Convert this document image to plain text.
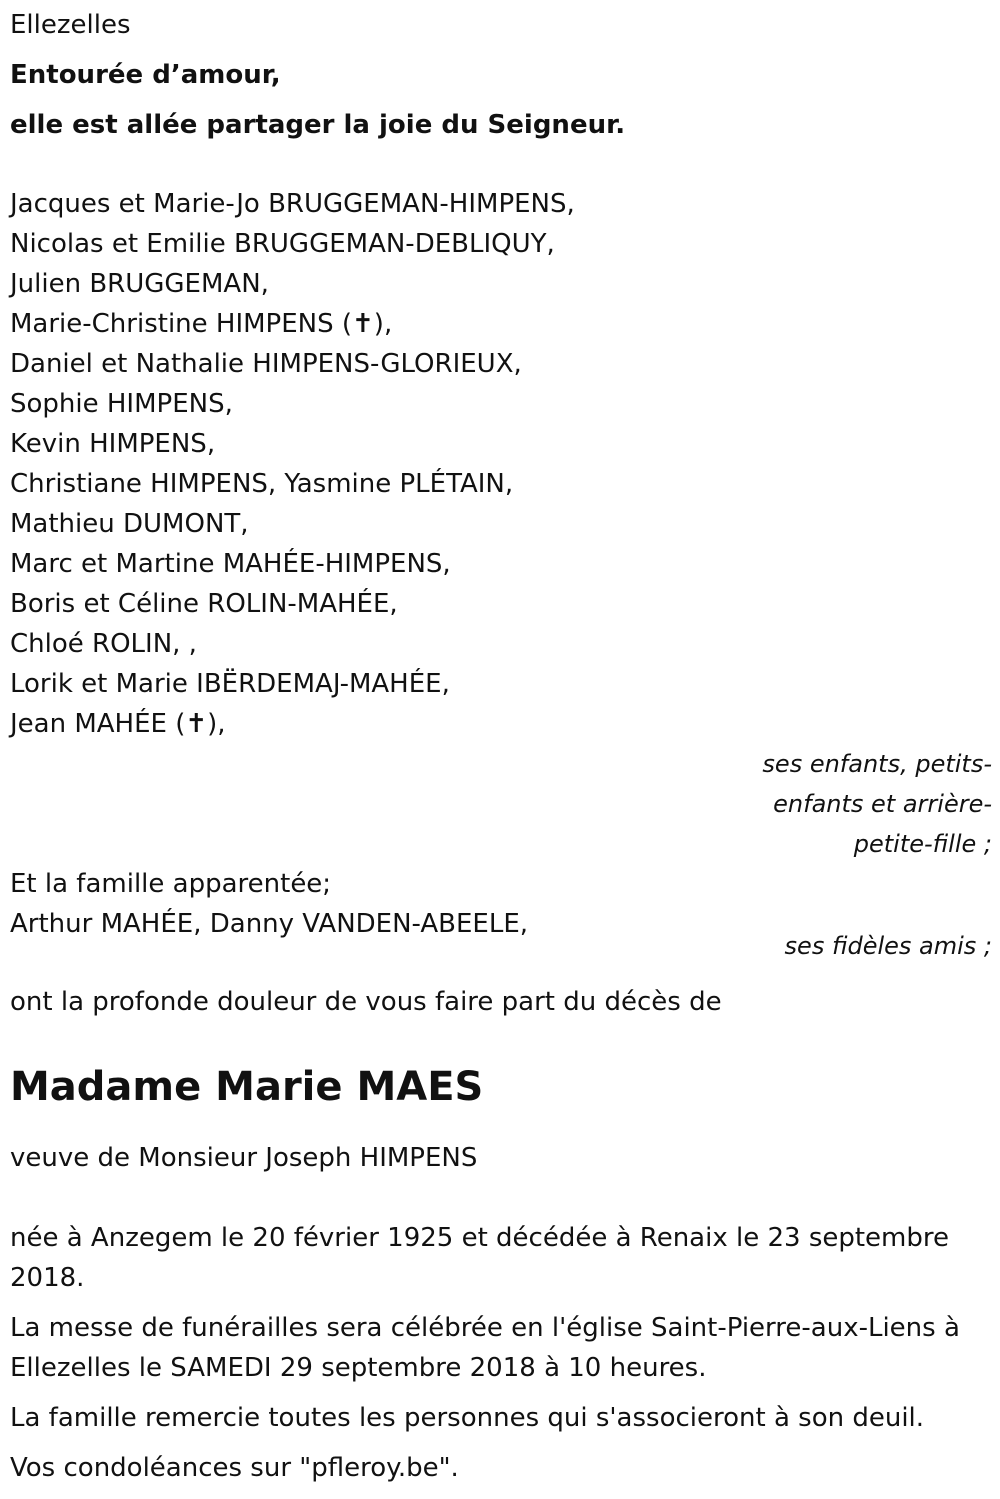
Ellezelles
Entourée d’amour,
elle est allée partager la joie du Seigneur.
Jacques et Marie-Jo BRUGGEMAN-HIMPENS,
Nicolas et Emilie BRUGGEMAN-DEBLIQUY,
Julien BRUGGEMAN,
Marie-Christine HIMPENS (✝),
Daniel et Nathalie HIMPENS-GLORIEUX,
Sophie HIMPENS,
Kevin HIMPENS,
Christiane HIMPENS, Yasmine PLÉTAIN,
Mathieu DUMONT,
Marc et Martine MAHÉE-HIMPENS,
Boris et Céline ROLIN-MAHÉE,
Chloé ROLIN, ,
Lorik et Marie IBËRDEMAJ-MAHÉE,
Jean MAHÉE (✝),
ses enfants, petits-
enfants et arrière-
petite-fille ;
Et la famille apparentée;
Arthur MAHÉE, Danny VANDEN-ABEELE,
ses fidèles amis ;
ont la profonde douleur de vous faire part du décès de
Madame Marie MAES
veuve de Monsieur Joseph HIMPENS
née à Anzegem le 20 février 1925 et décédée à Renaix le 23 septembre 2018.
La messe de funérailles sera célébrée en l'église Saint-Pierre-aux-Liens à Ellezelles le SAMEDI 29 septembre 2018 à 10 heures.
La famille remercie toutes les personnes qui s'associeront à son deuil.
Vos condoléances sur "pfleroy.be".
